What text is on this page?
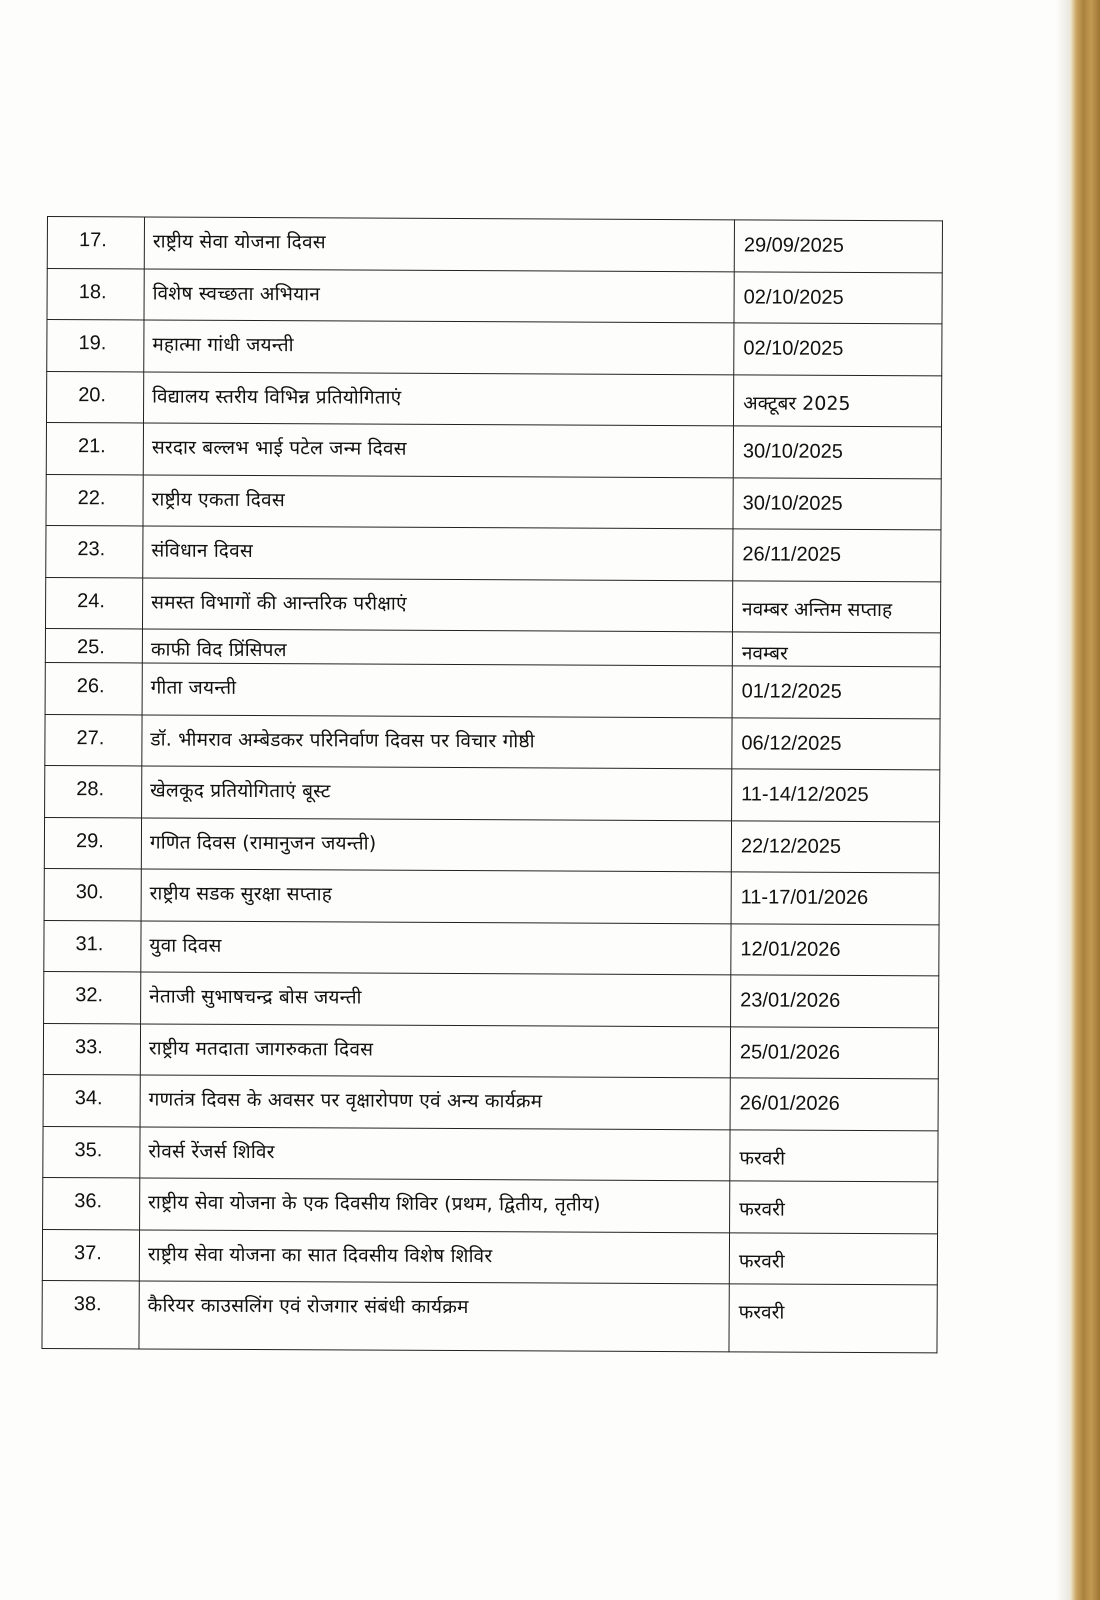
17.	राष्ट्रीय सेवा योजना दिवस	29/09/2025
18.	विशेष स्वच्छता अभियान	02/10/2025
19.	महात्मा गांधी जयन्ती	02/10/2025
20.	विद्यालय स्तरीय विभिन्न प्रतियोगिताएं	अक्टूबर 2025
21.	सरदार बल्लभ भाई पटेल जन्म दिवस	30/10/2025
22.	राष्ट्रीय एकता दिवस	30/10/2025
23.	संविधान दिवस	26/11/2025
24.	समस्त विभागों की आन्तरिक परीक्षाएं	नवम्बर अन्तिम सप्ताह
25.	काफी विद प्रिंसिपल	नवम्बर
26.	गीता जयन्ती	01/12/2025
27.	डॉ. भीमराव अम्बेडकर परिनिर्वाण दिवस पर विचार गोष्ठी	06/12/2025
28.	खेलकूद प्रतियोगिताएं बूस्ट	11-14/12/2025
29.	गणित दिवस (रामानुजन जयन्ती)	22/12/2025
30.	राष्ट्रीय सडक सुरक्षा सप्ताह	11-17/01/2026
31.	युवा दिवस	12/01/2026
32.	नेताजी सुभाषचन्द्र बोस जयन्ती	23/01/2026
33.	राष्ट्रीय मतदाता जागरुकता दिवस	25/01/2026
34.	गणतंत्र दिवस के अवसर पर वृक्षारोपण एवं अन्य कार्यक्रम	26/01/2026
35.	रोवर्स रेंजर्स शिविर	फरवरी
36.	राष्ट्रीय सेवा योजना के एक दिवसीय शिविर (प्रथम, द्वितीय, तृतीय)	फरवरी
37.	राष्ट्रीय सेवा योजना का सात दिवसीय विशेष शिविर	फरवरी
38.	कैरियर काउसलिंग एवं रोजगार संबंधी कार्यक्रम	फरवरी
